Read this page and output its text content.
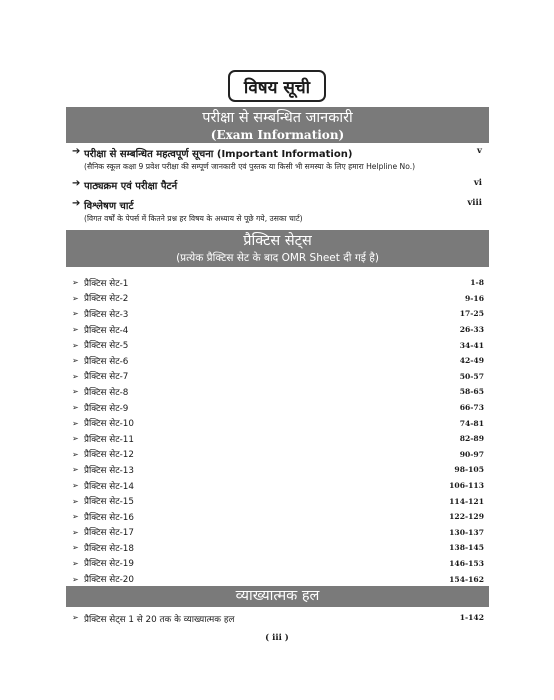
विषय सूची
परीक्षा से सम्बन्धित जानकारी
(Exam Information)
➔ परीक्षा से सम्बन्धित महत्वपूर्ण सूचना (Important Information)	v
(सैनिक स्कूल कक्षा 9 प्रवेश परीक्षा की सम्पूर्ण जानकारी एवं पुस्तक या किसी भी समस्या के लिए हमारा Helpline No.)
➔ पाठ्यक्रम एवं परीक्षा पैटर्न	vi
➔ विश्लेषण चार्ट	viii
(विगत वर्षों के पेपर्स में कितने प्रश्न हर विषय के अध्याय से पूछे गये, उसका चार्ट)
प्रैक्टिस सेट्स
(प्रत्येक प्रैक्टिस सेट के बाद OMR Sheet दी गई है)
➢ प्रैक्टिस सेट-1	1-8
➢ प्रैक्टिस सेट-2	9-16
➢ प्रैक्टिस सेट-3	17-25
➢ प्रैक्टिस सेट-4	26-33
➢ प्रैक्टिस सेट-5	34-41
➢ प्रैक्टिस सेट-6	42-49
➢ प्रैक्टिस सेट-7	50-57
➢ प्रैक्टिस सेट-8	58-65
➢ प्रैक्टिस सेट-9	66-73
➢ प्रैक्टिस सेट-10	74-81
➢ प्रैक्टिस सेट-11	82-89
➢ प्रैक्टिस सेट-12	90-97
➢ प्रैक्टिस सेट-13	98-105
➢ प्रैक्टिस सेट-14	106-113
➢ प्रैक्टिस सेट-15	114-121
➢ प्रैक्टिस सेट-16	122-129
➢ प्रैक्टिस सेट-17	130-137
➢ प्रैक्टिस सेट-18	138-145
➢ प्रैक्टिस सेट-19	146-153
➢ प्रैक्टिस सेट-20	154-162
व्याख्यात्मक हल
➢ प्रैक्टिस सेट्स 1 से 20 तक के व्याख्यात्मक हल	1-142
( iii )
